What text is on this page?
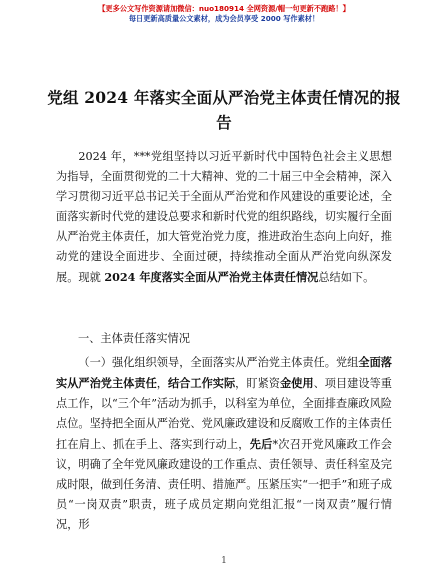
【更多公文写作资源请加微信：nuo180914 全网资源/帽一句更新不跑路！】
每日更新高质量公文素材，成为会员享受 2000 写作素材！
党组 2024 年落实全面从严治党主体责任情况的报告

2024 年，***党组坚持以习近平新时代中国特色社会主义思想为指导，全面贯彻党的二十大精神、党的二十届三中全会精神，深入学习贯彻习近平总书记关于全面从严治党和作风建设的重要论述，全面落实新时代党的建设总要求和新时代党的组织路线，切实履行全面从严治党主体责任，加大管党治党力度，推进政治生态向上向好，推动党的建设全面进步、全面过硬，持续推动全面从严治党向纵深发展。现就 2024 年度落实全面从严治党主体责任情况总结如下。

一、主体责任落实情况

（一）强化组织领导，全面落实从严治党主体责任。党组全面落实从严治党主体责任，结合工作实际，盯紧资金使用、项目建设等重点工作，以“三个年”活动为抓手，以科室为单位，全面排查廉政风险点位。坚持把全面从严治党、党风廉政建设和反腐败工作的主体责任扛在肩上、抓在手上、落实到行动上，先后*次召开党风廉政工作会议，明确了全年党风廉政建设的工作重点、责任领导、责任科室及完成时限，做到任务清、责任明、措施严。压紧压实“一把手”和班子成员“一岗双责”职责，班子成员定期向党组汇报“一岗双责”履行情况，形

1
